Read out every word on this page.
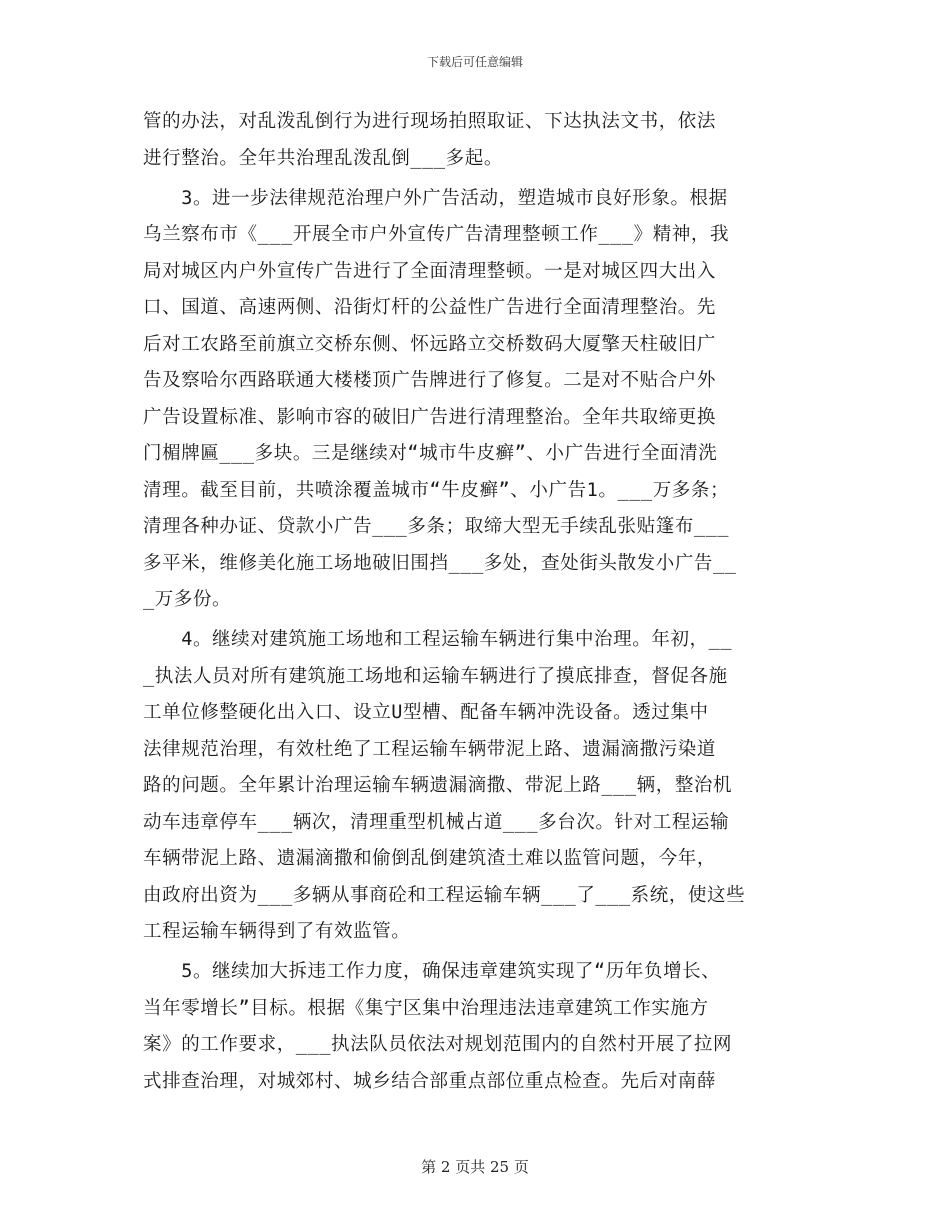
下载后可任意编辑
管的办法，对乱泼乱倒行为进行现场拍照取证、下达执法文书，依法
进行整治。全年共治理乱泼乱倒___多起。
　　3。进一步法律规范治理户外广告活动，塑造城市良好形象。根据
乌兰察布市《___开展全市户外宣传广告清理整顿工作___》精神，我
局对城区内户外宣传广告进行了全面清理整顿。一是对城区四大出入
口、国道、高速两侧、沿街灯杆的公益性广告进行全面清理整治。先
后对工农路至前旗立交桥东侧、怀远路立交桥数码大厦擎天柱破旧广
告及察哈尔西路联通大楼楼顶广告牌进行了修复。二是对不贴合户外
广告设置标准、影响市容的破旧广告进行清理整治。全年共取缔更换
门楣牌匾___多块。三是继续对“城市牛皮癣”、小广告进行全面清洗
清理。截至目前，共喷涂覆盖城市“牛皮癣”、小广告1。___万多条；
清理各种办证、贷款小广告___多条；取缔大型无手续乱张贴篷布___
多平米，维修美化施工场地破旧围挡___多处，查处街头散发小广告__
_万多份。
　　4。继续对建筑施工场地和工程运输车辆进行集中治理。年初，__
_执法人员对所有建筑施工场地和运输车辆进行了摸底排查，督促各施
工单位修整硬化出入口、设立U型槽、配备车辆冲洗设备。透过集中
法律规范治理，有效杜绝了工程运输车辆带泥上路、遗漏滴撒污染道
路的问题。全年累计治理运输车辆遗漏滴撒、带泥上路___辆，整治机
动车违章停车___辆次，清理重型机械占道___多台次。针对工程运输
车辆带泥上路、遗漏滴撒和偷倒乱倒建筑渣土难以监管问题，今年，
由政府出资为___多辆从事商砼和工程运输车辆___了___系统，使这些
工程运输车辆得到了有效监管。
　　5。继续加大拆违工作力度，确保违章建筑实现了“历年负增长、
当年零增长”目标。根据《集宁区集中治理违法违章建筑工作实施方
案》的工作要求，___执法队员依法对规划范围内的自然村开展了拉网
式排查治理，对城郊村、城乡结合部重点部位重点检查。先后对南薛
第 2 页共 25 页
